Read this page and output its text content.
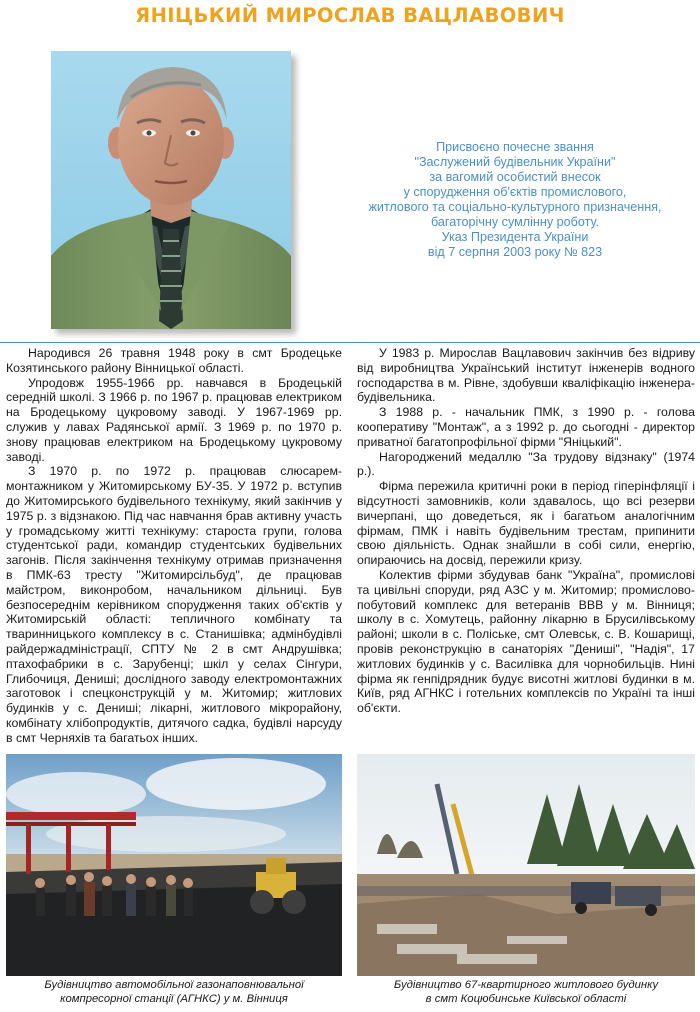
ЯНІЦЬКИЙ МИРОСЛАВ ВАЦЛАВОВИЧ
Присвоєно почесне звання
"Заслужений будівельник України"
за вагомий особистий внесок
у спорудження об'єктів промислового,
житлового та соціально-культурного призначення,
багаторічну сумлінну роботу.
Указ Президента України
від 7 серпня 2003 року № 823

Народився 26 травня 1948 року в смт Бродецьке Козятинського району Вінницької області.

Упродовж 1955-1966 рр. навчався в Бродецькій середній школі. З 1966 р. по 1967 р. працював електриком на Бродецькому цукровому заводі. У 1967-1969 рр. служив у лавах Радянської армії. З 1969 р. по 1970 р. знову працював електриком на Бродецькому цукровому заводі.

З 1970 р. по 1972 р. працював слюсарем-монтажником у Житомирському БУ-35. У 1972 р. вступив до Житомирського будівельного технікуму, який закінчив у 1975 р. з відзнакою. Під час навчання брав активну участь у громадському житті технікуму: староста групи, голова студентської ради, командир студентських будівельних загонів. Після закінчення технікуму отримав призначення в ПМК-63 тресту "Житомирсільбуд", де працював майстром, виконробом, начальником дільниці. Був безпосереднім керівником спорудження таких об'єктів у Житомирській області: тепличного комбінату та тваринницького комплексу в с. Станишівка; адмінбудівлі райдержадміністрації, СПТУ № 2 в смт Андрушівка; птахофабрики в с. Зарубенці; шкіл у селах Сінгури, Глибочиця, Дениші; дослідного заводу електромонтажних заготовок і спецконструкцій у м. Житомир; житлових будинків у с. Дениші; лікарні, житлового мікрорайону, комбінату хлібопродуктів, дитячого садка, будівлі нарсуду в смт Черняхів та багатьох інших.

У 1983 р. Мирослав Вацлавович закінчив без відриву від виробництва Український інститут інженерів водного господарства в м. Рівне, здобувши кваліфікацію інженера-будівельника.

З 1988 р. - начальник ПМК, з 1990 р. - голова кооперативу "Монтаж", а з 1992 р. до сьогодні - директор приватної багатопрофільної фірми "Яніцький".

Нагороджений медаллю "За трудову відзнаку" (1974 р.).

Фірма пережила критичні роки в період гіперінфляції і відсутності замовників, коли здавалось, що всі резерви вичерпані, що доведеться, як і багатьом аналогічним фірмам, ПМК і навіть будівельним трестам, припинити свою діяльність. Однак знайшли в собі сили, енергію, опираючись на досвід, пережили кризу.

Колектив фірми збудував банк "Україна", промислові та цивільні споруди, ряд АЗС у м. Житомир; промислово-побутовий комплекс для ветеранів ВВВ у м. Вінниця; школу в с. Хомутець, районну лікарню в Брусилівському районі; школи в с. Поліське, смт Олевськ, с. В. Кошарищі, провів реконструкцію в санаторіях "Дениші", "Надія", 17 житлових будинків у с. Василівка для чорнобильців. Нині фірма як генпідрядник будує висотні житлові будинки в м. Київ, ряд АГНКС і готельних комплексів по Україні та інші об'єкти.

Будівництво автомобільної газонаповнювальної
компресорної станції (АГНКС) у м. Вінниця
Будівництво 67-квартирного житлового будинку
в смт Коцюбинське Київської області
